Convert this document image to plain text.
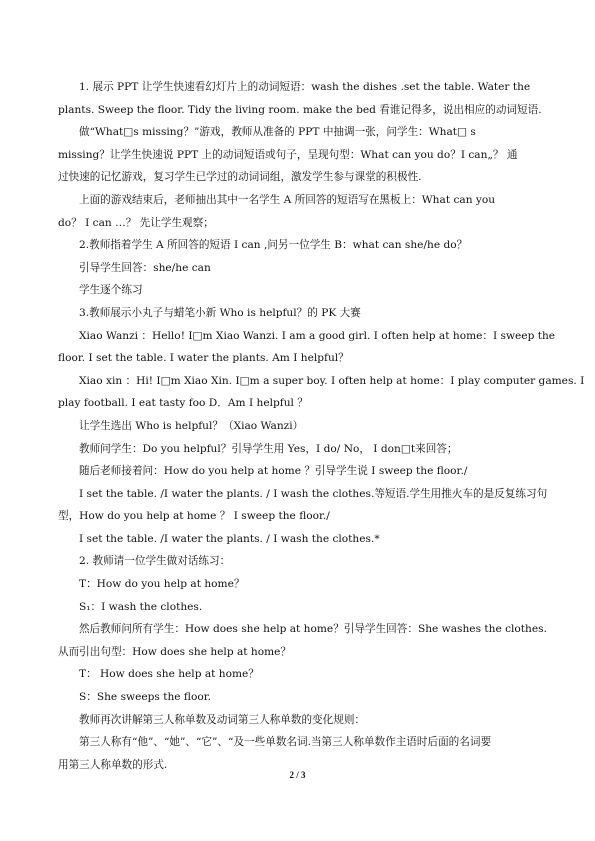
1. 展示 PPT 让学生快速看幻灯片上的动词短语：wash the dishes .set the table. Water the
plants. Sweep the floor. Tidy the living room. make the bed 看谁记得多，说出相应的动词短语.
做“What□s missing？”游戏，教师从准备的 PPT 中抽调一张，问学生：What□ s
missing？让学生快速说 PPT 上的动词短语或句子，呈现句型：What can you do？I can„？ 通
过快速的记忆游戏，复习学生已学过的动词词组，激发学生参与课堂的积极性.
上面的游戏结束后，老师抽出其中一名学生 A 所回答的短语写在黑板上：What can you
do？ I can …？ 先让学生观察；
2.教师指着学生 A 所回答的短语 I can ,问另一位学生 B：what can she/he do？
引导学生回答：she/he can
学生逐个练习
3.教师展示小丸子与蜡笔小新 Who is helpful？的 PK 大赛
Xiao Wanzi ：Hello! I□m Xiao Wanzi. I am a good girl. I often help at home：I sweep the
floor. I set the table. I water the plants. Am I helpful？
Xiao xin ：Hi! I□m Xiao Xin. I□m a super boy. I often help at home：I play computer games. I
play football. I eat tasty foo D．Am I helpful ？
让学生选出 Who is helpful？（Xiao Wanzi）
教师问学生：Do you helpful？引导学生用 Yes，I do/ No， I don□t来回答；
随后老师接着问：How do you help at home ？引导学生说 I sweep the floor./
I set the table. /I water the plants. / I wash the clothes.等短语.学生用推火车的是反复练习句
型，How do you help at home ？ I sweep the floor./
I set the table. /I water the plants. / I wash the clothes.*
2. 教师请一位学生做对话练习：
T：How do you help at home？
S₁：I wash the clothes.
然后教师问所有学生：How does she help at home？引导学生回答：She washes the clothes.
从而引出句型：How does she help at home？
T： How does she help at home？
S：She sweeps the floor.
教师再次讲解第三人称单数及动词第三人称单数的变化规则：
第三人称有“他”、“她”、“它”、“及一些单数名词.当第三人称单数作主语时后面的名词要
用第三人称单数的形式.
2 / 3
